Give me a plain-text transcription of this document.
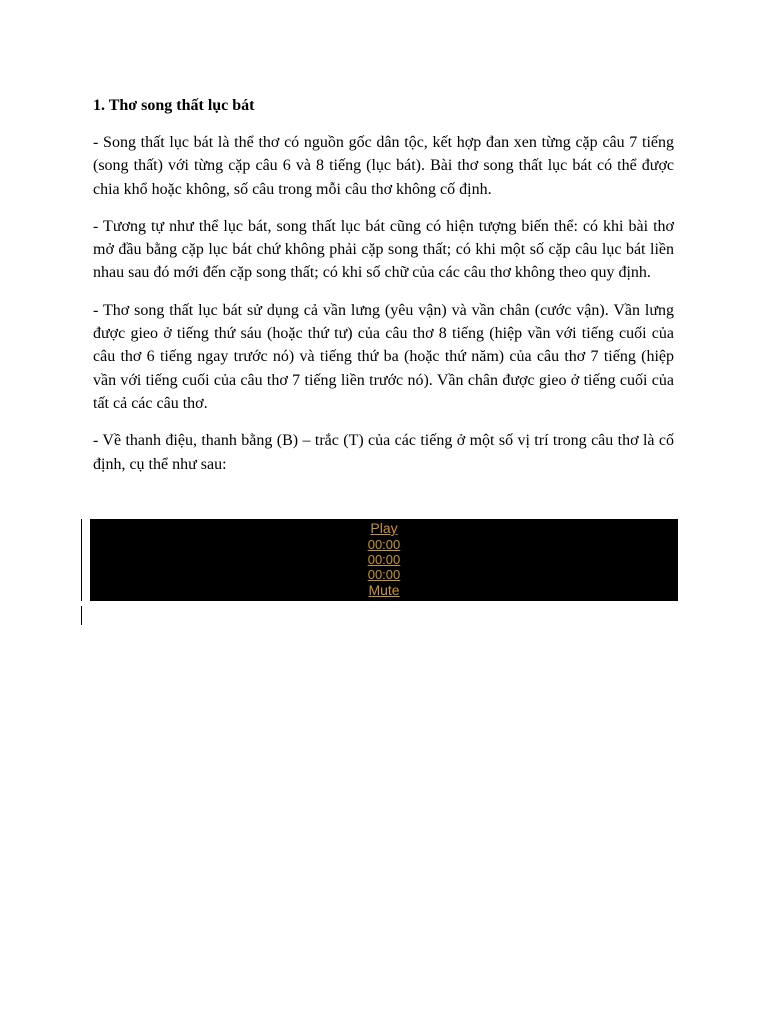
1. Thơ song thất lục bát

- Song thất lục bát là thể thơ có nguồn gốc dân tộc, kết hợp đan xen từng cặp câu 7 tiếng (song thất) với từng cặp câu 6 và 8 tiếng (lục bát). Bài thơ song thất lục bát có thể được chia khổ hoặc không, số câu trong mỗi câu thơ không cố định.

- Tương tự như thể lục bát, song thất lục bát cũng có hiện tượng biến thể: có khi bài thơ mở đầu bằng cặp lục bát chứ không phải cặp song thất; có khi một số cặp câu lục bát liền nhau sau đó mới đến cặp song thất; có khi số chữ của các câu thơ không theo quy định.

- Thơ song thất lục bát sử dụng cả vần lưng (yêu vận) và vần chân (cước vận). Vần lưng được gieo ở tiếng thứ sáu (hoặc thứ tư) của câu thơ 8 tiếng (hiệp vần với tiếng cuối của câu thơ 6 tiếng ngay trước nó) và tiếng thứ ba (hoặc thứ năm) của câu thơ 7 tiếng (hiệp vần với tiếng cuối của câu thơ 7 tiếng liền trước nó). Vần chân được gieo ở tiếng cuối của tất cả các câu thơ.

- Về thanh điệu, thanh bằng (B) – trắc (T) của các tiếng ở một số vị trí trong câu thơ là cố định, cụ thể như sau:

Play
00:00
00:00
00:00
Mute
